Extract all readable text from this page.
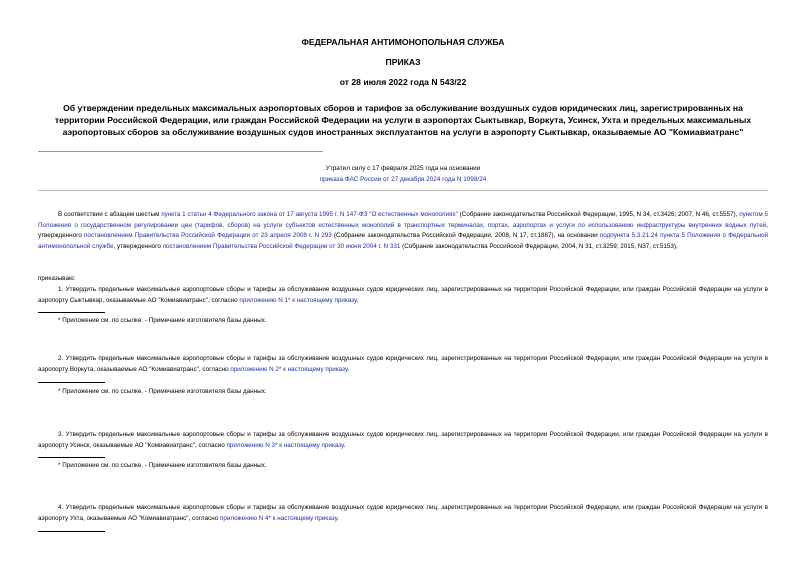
ФЕДЕРАЛЬНАЯ АНТИМОНОПОЛЬНАЯ СЛУЖБА
ПРИКАЗ
от 28 июля 2022 года N 543/22
Об утверждении предельных максимальных аэропортовых сборов и тарифов за обслуживание воздушных судов юридических лиц, зарегистрированных на территории Российской Федерации, или граждан Российской Федерации на услуги в аэропортах Сыктывкар, Воркута, Усинск, Ухта и предельных максимальных аэропортовых сборов за обслуживание воздушных судов иностранных эксплуатантов на услуги в аэропорту Сыктывкар, оказываемые АО "Комиавиатранс"
Утратил силу с 17 февраля 2025 года на основании
приказа ФАС России от 27 декабря 2024 года N 1098/24
В соответствии с абзацем шестым пункта 1 статьи 4 Федерального закона от 17 августа 1995 г. N 147-ФЗ "О естественных монополиях" (Собрание законодательства Российской Федерации, 1995, N 34, ст.3426; 2007, N 46, ст.5557), пунктом 5 Положения о государственном регулировании цен (тарифов, сборов) на услуги субъектов естественных монополий в транспортных терминалах, портах, аэропортах и услуги по использованию инфраструктуры внутренних водных путей, утвержденного постановлением Правительства Российской Федерации от 23 апреля 2008 г. N 293 (Собрание законодательства Российской Федерации, 2008, N 17, ст.1887), на основании подпункта 5.3.21.24 пункта 5 Положения о Федеральной антимонопольной службе, утвержденного постановлением Правительства Российской Федерации от 30 июня 2004 г. N 331 (Собрание законодательства Российской Федерации, 2004, N 31, ст.3259; 2015, N37, ст.5153),
приказываю:
1. Утвердить предельные максимальные аэропортовые сборы и тарифы за обслуживание воздушных судов юридических лиц, зарегистрированных на территории Российской Федерации, или граждан Российской Федерации на услуги в аэропорту Сыктывкар, оказываемые АО "Комиавиатранс", согласно приложению N 1* к настоящему приказу.
* Приложение см. по ссылке. - Примечание изготовителя базы данных.
2. Утвердить предельные максимальные аэропортовые сборы и тарифы за обслуживание воздушных судов юридических лиц, зарегистрированных на территории Российской Федерации, или граждан Российской Федерации на услуги в аэропорту Воркута, оказываемые АО "Комиавиатранс", согласно приложению N 2* к настоящему приказу.
* Приложение см. по ссылке. - Примечание изготовителя базы данных.
3. Утвердить предельные максимальные аэропортовые сборы и тарифы за обслуживание воздушных судов юридических лиц, зарегистрированных на территории Российской Федерации, или граждан Российской Федерации на услуги в аэропорту Усинск, оказываемые АО "Комиавиатранс", согласно приложению N 3* к настоящему приказу.
* Приложение см. по ссылке. - Примечание изготовителя базы данных.
4. Утвердить предельные максимальные аэропортовые сборы и тарифы за обслуживание воздушных судов юридических лиц, зарегистрированных на территории Российской Федерации, или граждан Российской Федерации на услуги в аэропорту Ухта, оказываемые АО "Комиавиатранс", согласно приложению N 4* к настоящему приказу.
